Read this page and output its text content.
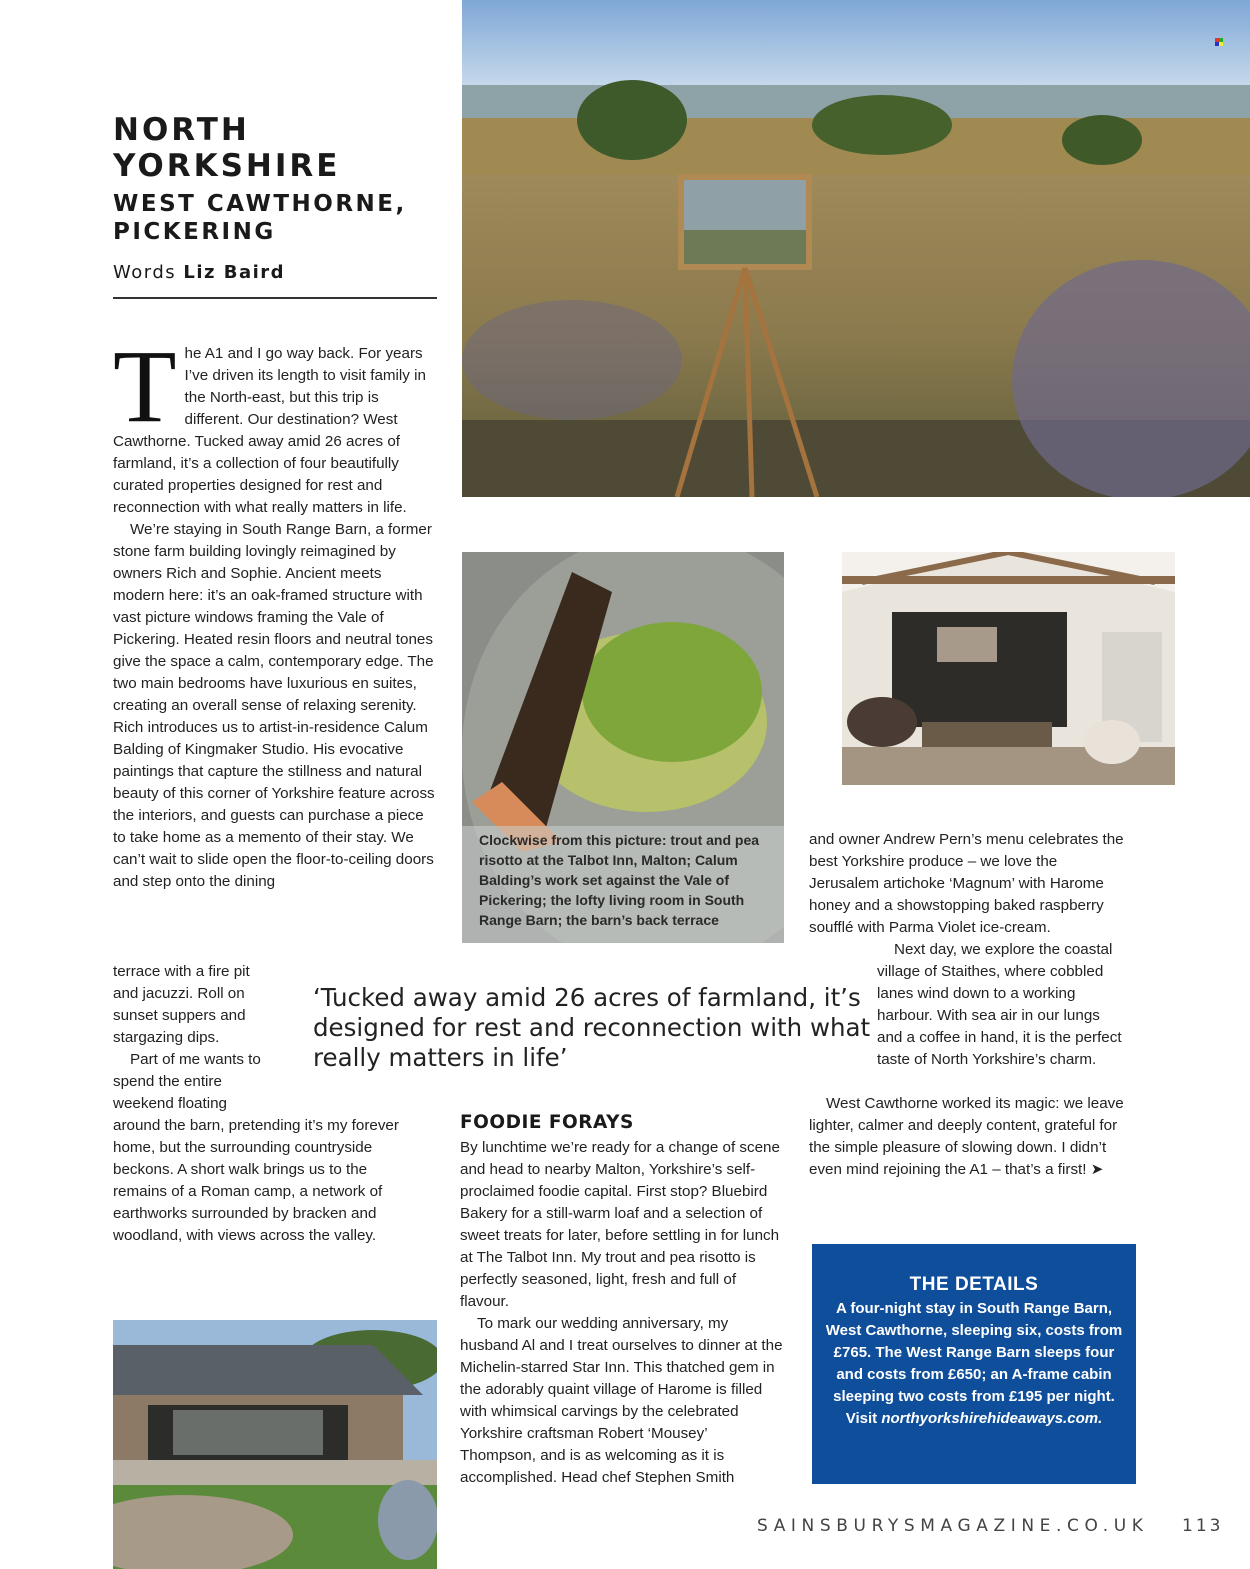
NORTH
YORKSHIRE
WEST CAWTHORNE,
PICKERING
Words Liz Baird

The A1 and I go way back. For years I’ve driven its length to visit family in the North-east, but this trip is different. Our destination? West Cawthorne. Tucked away amid 26 acres of farmland, it’s a collection of four beautifully curated properties designed for rest and reconnection with what really matters in life.

We’re staying in South Range Barn, a former stone farm building lovingly reimagined by owners Rich and Sophie. Ancient meets modern here: it’s an oak-framed structure with vast picture windows framing the Vale of Pickering. Heated resin floors and neutral tones give the space a calm, contemporary edge. The two main bedrooms have luxurious en suites, creating an overall sense of relaxing serenity. Rich introduces us to artist-in-residence Calum Balding of Kingmaker Studio. His evocative paintings that capture the stillness and natural beauty of this corner of Yorkshire feature across the interiors, and guests can purchase a piece to take home as a memento of their stay. We can’t wait to slide open the floor-to-ceiling doors and step onto the dining

terrace with a fire pit and jacuzzi. Roll on sunset suppers and stargazing dips.

Part of me wants to spend the entire weekend floating

around the barn, pretending it’s my forever home, but the surrounding countryside beckons. A short walk brings us to the remains of a Roman camp, a network of earthworks surrounded by bracken and woodland, with views across the valley.

Clockwise from this picture: trout and pea risotto at the Talbot Inn, Malton; Calum Balding’s work set against the Vale of Pickering; the lofty living room in South Range Barn; the barn’s back terrace
‘Tucked away amid 26 acres of farmland, it’s designed for rest and reconnection with what really matters in life’
FOODIE FORAYS

By lunchtime we’re ready for a change of scene and head to nearby Malton, Yorkshire’s self-proclaimed foodie capital. First stop? Bluebird Bakery for a still-warm loaf and a selection of sweet treats for later, before settling in for lunch at The Talbot Inn. My trout and pea risotto is perfectly seasoned, light, fresh and full of flavour.

To mark our wedding anniversary, my husband Al and I treat ourselves to dinner at the Michelin-starred Star Inn. This thatched gem in the adorably quaint village of Harome is filled with whimsical carvings by the celebrated Yorkshire craftsman Robert ‘Mousey’ Thompson, and is as welcoming as it is accomplished. Head chef Stephen Smith

and owner Andrew Pern’s menu celebrates the best Yorkshire produce – we love the Jerusalem artichoke ‘Magnum’ with Harome honey and a showstopping baked raspberry soufflé with Parma Violet ice-cream.

Next day, we explore the coastal village of Staithes, where cobbled lanes wind down to a working harbour. With sea air in our lungs and a coffee in hand, it is the perfect taste of North Yorkshire’s charm.

West Cawthorne worked its magic: we leave lighter, calmer and deeply content, grateful for the simple pleasure of slowing down. I didn’t even mind rejoining the A1 – that’s a first! ➤

THE DETAILS
A four-night stay in South Range Barn, West Cawthorne, sleeping six, costs from £765. The West Range Barn sleeps four and costs from £650; an A-frame cabin sleeping two costs from £195 per night. Visit northyorkshirehideaways.com.
SAINSBURYSMAGAZINE.CO.UK 113
